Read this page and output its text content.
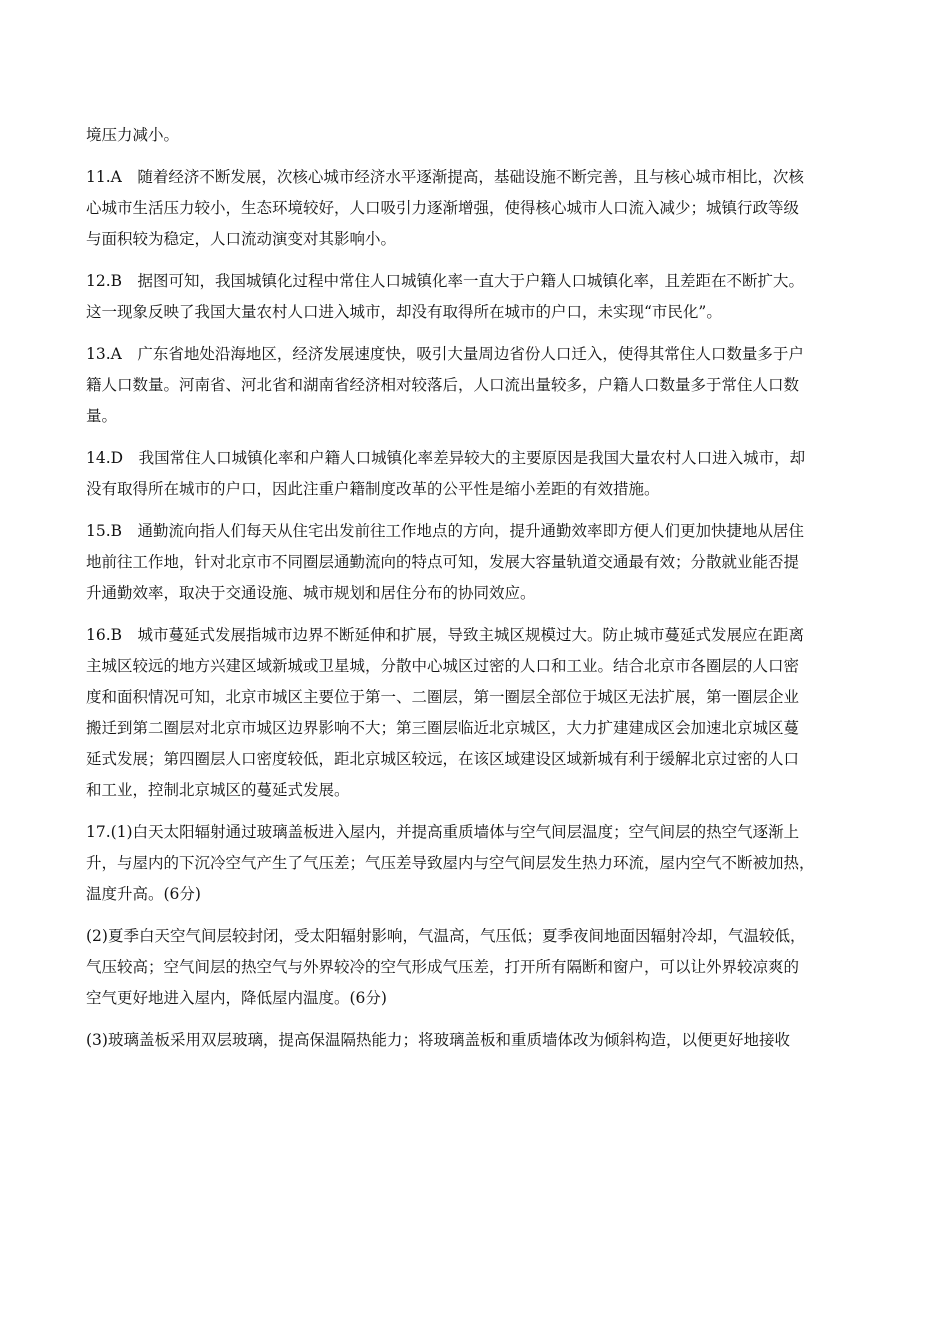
境压力减小。

11.A　随着经济不断发展，次核心城市经济水平逐渐提高，基础设施不断完善，且与核心城市相比，次核
心城市生活压力较小，生态环境较好，人口吸引力逐渐增强，使得核心城市人口流入减少；城镇行政等级
与面积较为稳定，人口流动演变对其影响小。

12.B　据图可知，我国城镇化过程中常住人口城镇化率一直大于户籍人口城镇化率，且差距在不断扩大。
这一现象反映了我国大量农村人口进入城市，却没有取得所在城市的户口，未实现“市民化”。

13.A　广东省地处沿海地区，经济发展速度快，吸引大量周边省份人口迁入，使得其常住人口数量多于户
籍人口数量。河南省、河北省和湖南省经济相对较落后，人口流出量较多，户籍人口数量多于常住人口数
量。

14.D　我国常住人口城镇化率和户籍人口城镇化率差异较大的主要原因是我国大量农村人口进入城市，却
没有取得所在城市的户口，因此注重户籍制度改革的公平性是缩小差距的有效措施。

15.B　通勤流向指人们每天从住宅出发前往工作地点的方向，提升通勤效率即方便人们更加快捷地从居住
地前往工作地，针对北京市不同圈层通勤流向的特点可知，发展大容量轨道交通最有效；分散就业能否提
升通勤效率，取决于交通设施、城市规划和居住分布的协同效应。

16.B　城市蔓延式发展指城市边界不断延伸和扩展，导致主城区规模过大。防止城市蔓延式发展应在距离
主城区较远的地方兴建区域新城或卫星城，分散中心城区过密的人口和工业。结合北京市各圈层的人口密
度和面积情况可知，北京市城区主要位于第一、二圈层，第一圈层全部位于城区无法扩展，第一圈层企业
搬迁到第二圈层对北京市城区边界影响不大；第三圈层临近北京城区，大力扩建建成区会加速北京城区蔓
延式发展；第四圈层人口密度较低，距北京城区较远，在该区域建设区域新城有利于缓解北京过密的人口
和工业，控制北京城区的蔓延式发展。

17.(1)白天太阳辐射通过玻璃盖板进入屋内，并提高重质墙体与空气间层温度；空气间层的热空气逐渐上
升，与屋内的下沉冷空气产生了气压差；气压差导致屋内与空气间层发生热力环流，屋内空气不断被加热，
温度升高。(6分)

(2)夏季白天空气间层较封闭，受太阳辐射影响，气温高，气压低；夏季夜间地面因辐射冷却，气温较低，
气压较高；空气间层的热空气与外界较冷的空气形成气压差，打开所有隔断和窗户，可以让外界较凉爽的
空气更好地进入屋内，降低屋内温度。(6分)

(3)玻璃盖板采用双层玻璃，提高保温隔热能力；将玻璃盖板和重质墙体改为倾斜构造，以便更好地接收
